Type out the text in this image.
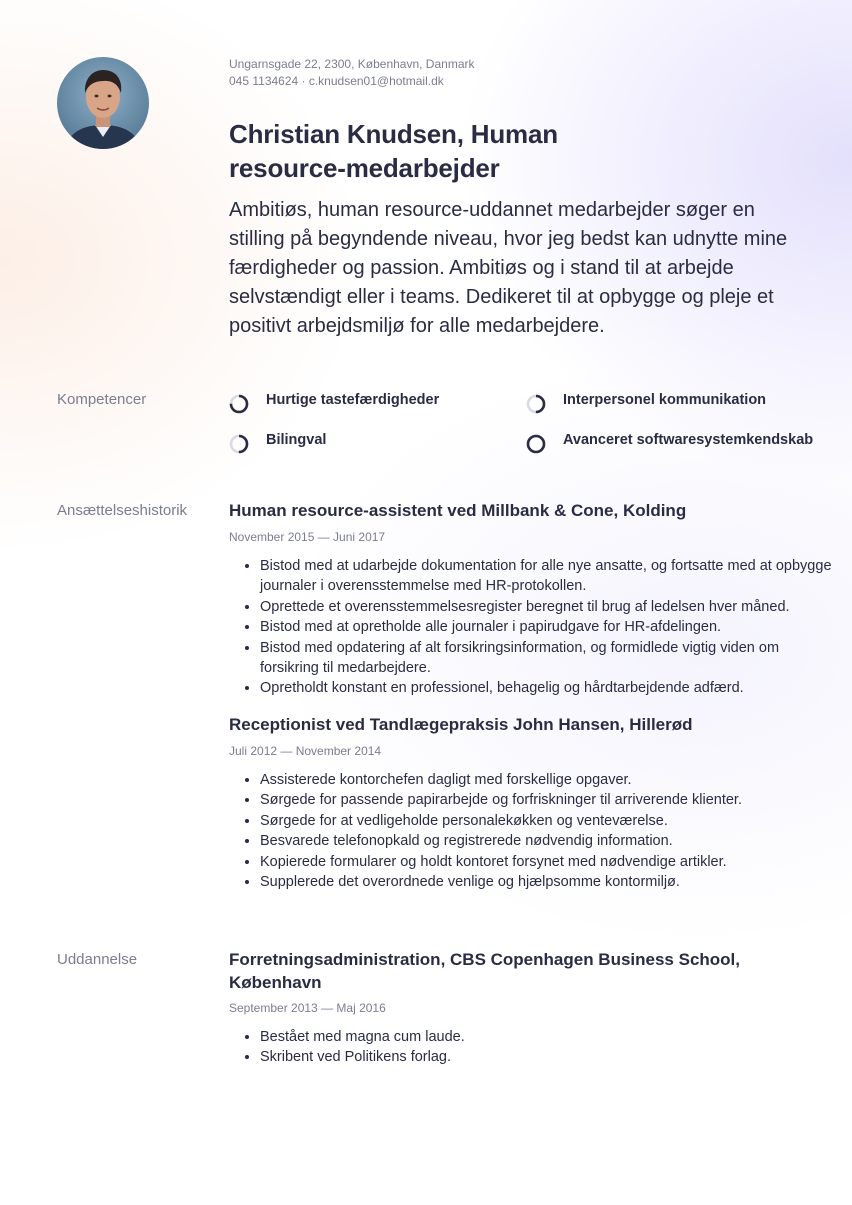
Ungarnsgade 22, 2300, København, Danmark
045 1134624 · c.knudsen01@hotmail.dk
Christian Knudsen, Human resource-medarbejder

Ambitiøs, human resource-uddannet medarbejder søger en stilling på begyndende niveau, hvor jeg bedst kan udnytte mine færdigheder og passion. Ambitiøs og i stand til at arbejde selvstændigt eller i teams. Dedikeret til at opbygge og pleje et positivt arbejdsmiljø for alle medarbejdere.

Kompetencer	Hurtige tastefærdigheder	Interpersonel kommunikation
Bilingval	Avanceret softwaresystemkendskab
Ansættelseshistorik Human resource-assistent ved Millbank & Cone, Kolding
November 2015 — Juni 2017
• Bistod med at udarbejde dokumentation for alle nye ansatte, og fortsatte med at opbygge journaler i overensstemmelse med HR-protokollen.
• Oprettede et overensstemmelsesregister beregnet til brug af ledelsen hver måned.
• Bistod med at opretholde alle journaler i papirudgave for HR-afdelingen.
• Bistod med opdatering af alt forsikringsinformation, og formidlede vigtig viden om forsikring til medarbejdere.
• Opretholdt konstant en professionel, behagelig og hårdtarbejdende adfærd.
Receptionist ved Tandlægepraksis John Hansen, Hillerød
Juli 2012 — November 2014
• Assisterede kontorchefen dagligt med forskellige opgaver.
• Sørgede for passende papirarbejde og forfriskninger til arriverende klienter.
• Sørgede for at vedligeholde personalekøkken og venteværelse.
• Besvarede telefonopkald og registrerede nødvendig information.
• Kopierede formularer og holdt kontoret forsynet med nødvendige artikler.
• Supplerede det overordnede venlige og hjælpsomme kontormiljø.
Uddannelse	Forretningsadministration, CBS Copenhagen Business School, København
September 2013 — Maj 2016
• Bestået med magna cum laude.
• Skribent ved Politikens forlag.
